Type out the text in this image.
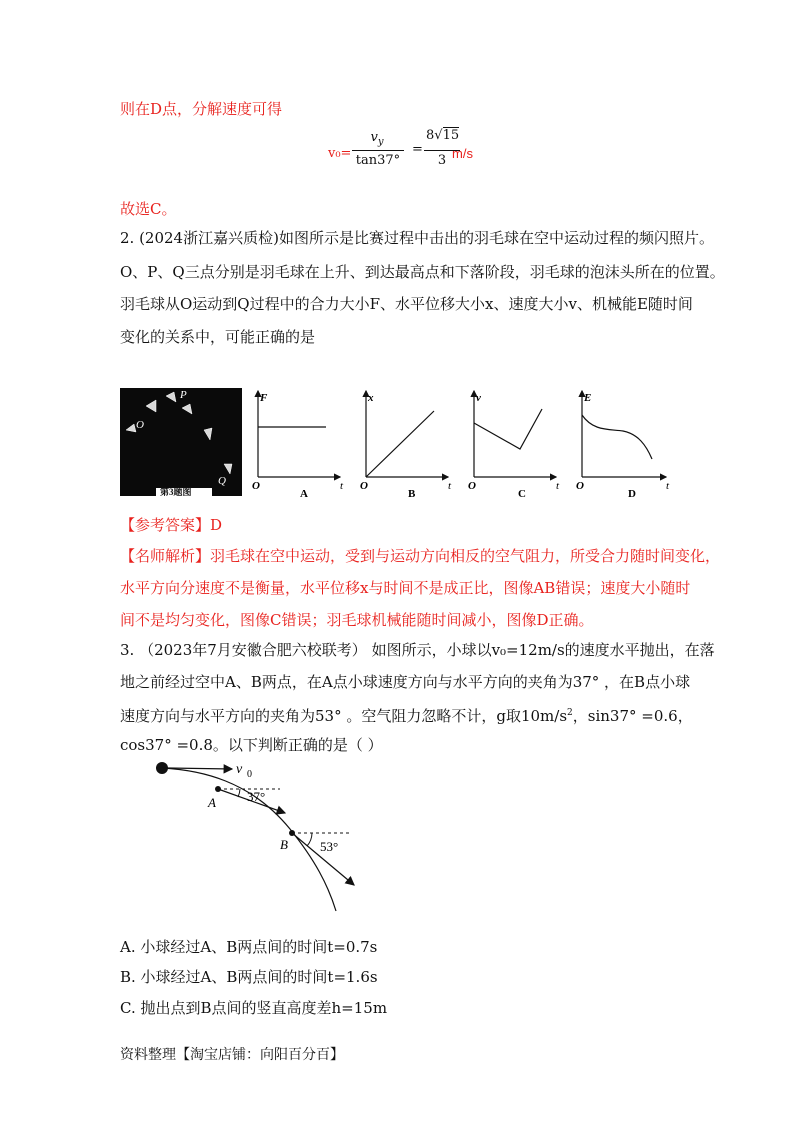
则在D点，分解速度可得
v₀=
$v_y$
tan37°
=
8√15
3 m/s
故选C。
2. (2024浙江嘉兴质检)如图所示是比赛过程中击出的羽毛球在空中运动过程的频闪照片。
O、P、Q三点分别是羽毛球在上升、到达最高点和下落阶段，羽毛球的泡沫头所在的位置。
羽毛球从O运动到Q过程中的合力大小F、水平位移大小x、速度大小v、机械能E随时间
变化的关系中，可能正确的是
O
P
Q
第3题图
F
O	t
A
x
O	t
B
v
O	t
C
E
O	t
D
【参考答案】D
【名师解析】羽毛球在空中运动，受到与运动方向相反的空气阻力，所受合力随时间变化，
水平方向分速度不是衡量，水平位移x与时间不是成正比，图像AB错误；速度大小随时
间不是均匀变化，图像C错误；羽毛球机械能随时间减小，图像D正确。
3. （2023年7月安徽合肥六校联考） 如图所示，小球以v₀=12m/s的速度水平抛出，在落
地之前经过空中A、B两点，在A点小球速度方向与水平方向的夹角为37° ，在B点小球
速度方向与水平方向的夹角为53° 。空气阻力忽略不计，g取$10m/s^2$，sin37° =0.6，
cos37° =0.8。以下判断正确的是（ ）
v 0
A 37°
B 53°
A. 小球经过A、B两点间的时间t=0.7s
B. 小球经过A、B两点间的时间t=1.6s
C. 抛出点到B点间的竖直高度差h=15m
资料整理【淘宝店铺：向阳百分百】
